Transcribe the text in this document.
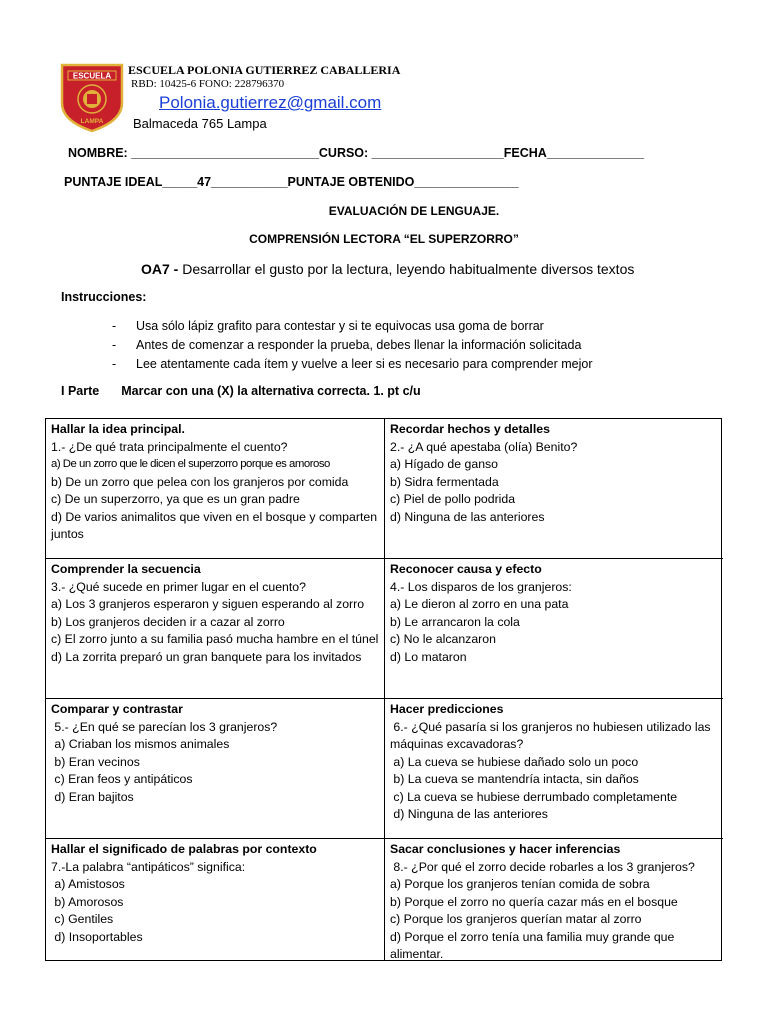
ESCUELA
LAMPA
ESCUELA POLONIA GUTIERREZ CABALLERIA
RBD: 10425-6 FONO: 228796370
Polonia.gutierrez@gmail.com
Balmaceda 765 Lampa
NOMBRE: ___________________________CURSO: ___________________FECHA______________
PUNTAJE IDEAL_____47___________PUNTAJE OBTENIDO_______________
EVALUACIÓN DE LENGUAJE.
COMPRENSIÓN LECTORA “EL SUPERZORRO”
OA7 - Desarrollar el gusto por la lectura, leyendo habitualmente diversos textos
Instrucciones:
- Usa sólo lápiz grafito para contestar y si te equivocas usa goma de borrar
- Antes de comenzar a responder la prueba, debes llenar la información solicitada
- Lee atentamente cada ítem y vuelve a leer si es necesario para comprender mejor
I Parte Marcar con una (X) la alternativa correcta. 1. pt c/u
Hallar la idea principal.
1.- ¿De qué trata principalmente el cuento?
a) De un zorro que le dicen el superzorro porque es amoroso
b) De un zorro que pelea con los granjeros por comida
c) De un superzorro, ya que es un gran padre
d) De varios animalitos que viven en el bosque y comparten juntos
Recordar hechos y detalles
2.- ¿A qué apestaba (olía) Benito?
a) Hígado de ganso
b) Sidra fermentada
c) Piel de pollo podrida
d) Ninguna de las anteriores
Comprender la secuencia
3.- ¿Qué sucede en primer lugar en el cuento?
a) Los 3 granjeros esperaron y siguen esperando al zorro
b) Los granjeros deciden ir a cazar al zorro
c) El zorro junto a su familia pasó mucha hambre en el túnel
d) La zorrita preparó un gran banquete para los invitados
Reconocer causa y efecto
4.- Los disparos de los granjeros:
a) Le dieron al zorro en una pata
b) Le arrancaron la cola
c) No le alcanzaron
d) Lo mataron
Comparar y contrastar
5.- ¿En qué se parecían los 3 granjeros?
a) Criaban los mismos animales
b) Eran vecinos
c) Eran feos y antipáticos
d) Eran bajitos
Hacer predicciones
6.- ¿Qué pasaría si los granjeros no hubiesen utilizado las máquinas excavadoras?
a) La cueva se hubiese dañado solo un poco
b) La cueva se mantendría intacta, sin daños
c) La cueva se hubiese derrumbado completamente
d) Ninguna de las anteriores
Hallar el significado de palabras por contexto
7.-La palabra “antipáticos” significa:
a) Amistosos
b) Amorosos
c) Gentiles
d) Insoportables
Sacar conclusiones y hacer inferencias
8.- ¿Por qué el zorro decide robarles a los 3 granjeros?
a) Porque los granjeros tenían comida de sobra
b) Porque el zorro no quería cazar más en el bosque
c) Porque los granjeros querían matar al zorro
d) Porque el zorro tenía una familia muy grande que alimentar.
